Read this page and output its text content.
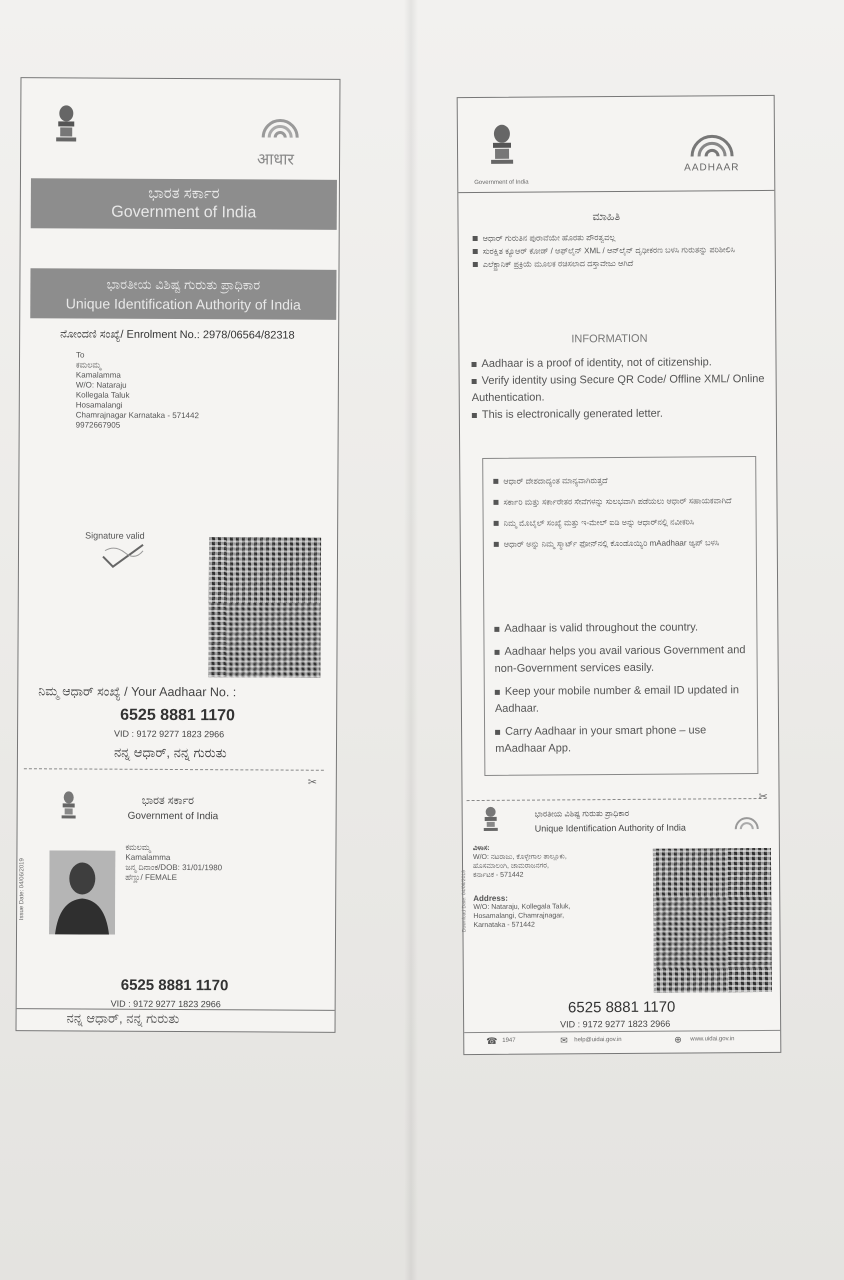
आधार
ಭಾರತ ಸರ್ಕಾರ
Government of India
ಭಾರತೀಯ ವಿಶಿಷ್ಟ ಗುರುತು ಪ್ರಾಧಿಕಾರ
Unique Identification Authority of India
ನೋಂದಣಿ ಸಂಖ್ಯೆ/ Enrolment No.: 2978/06564/82318
To
ಕಮಲಮ್ಮ
Kamalamma
W/O: Nataraju
Kollegala Taluk
Hosamalangi
Chamrajnagar Karnataka - 571442
9972667905
Signature valid
ನಿಮ್ಮ ಆಧಾರ್ ಸಂಖ್ಯೆ / Your Aadhaar No. :
6525 8881 1170
VID : 9172 9277 1823 2966
ನನ್ನ ಆಧಾರ್, ನನ್ನ ಗುರುತು
✂
ಭಾರತ ಸರ್ಕಾರ
Government of India
Issue Date: 04/06/2019
ಕಮಲಮ್ಮ
Kamalamma
ಜನ್ಮ ದಿನಾಂಕ/DOB: 31/01/1980
ಹೆಣ್ಣು/ FEMALE
6525 8881 1170
VID : 9172 9277 1823 2966
ನನ್ನ ಆಧಾರ್, ನನ್ನ ಗುರುತು
Government of India
AADHAAR
ಮಾಹಿತಿ
ಆಧಾರ್ ಗುರುತಿನ ಪುರಾವೆಯೇ ಹೊರತು ಪೌರತ್ವವಲ್ಲ
ಸುರಕ್ಷಿತ ಕ್ಯೂಆರ್ ಕೋಡ್ / ಆಫ್‌ಲೈನ್ XML / ಆನ್‌ಲೈನ್ ದೃಢೀಕರಣ ಬಳಸಿ ಗುರುತನ್ನು ಪರಿಶೀಲಿಸಿ
ಎಲೆಕ್ಟ್ರಾನಿಕ್ ಪ್ರಕ್ರಿಯೆ ಮೂಲಕ ರಚಿಸಲಾದ ದಸ್ತಾವೇಜು ಆಗಿದೆ
INFORMATION
Aadhaar is a proof of identity, not of citizenship.
Verify identity using Secure QR Code/ Offline XML/ Online Authentication.
This is electronically generated letter.
ಆಧಾರ್ ದೇಶದಾದ್ಯಂತ ಮಾನ್ಯವಾಗಿರುತ್ತದೆ
ಸರ್ಕಾರಿ ಮತ್ತು ಸರ್ಕಾರೇತರ ಸೇವೆಗಳನ್ನು ಸುಲಭವಾಗಿ ಪಡೆಯಲು ಆಧಾರ್ ಸಹಾಯಕವಾಗಿದೆ
ನಿಮ್ಮ ಮೊಬೈಲ್ ಸಂಖ್ಯೆ ಮತ್ತು ಇ-ಮೇಲ್ ಐಡಿ ಅನ್ನು ಆಧಾರ್‌ನಲ್ಲಿ ನವೀಕರಿಸಿ
ಆಧಾರ್ ಅನ್ನು ನಿಮ್ಮ ಸ್ಮಾರ್ಟ್ ಫೋನ್‌ನಲ್ಲಿ ಕೊಂಡೊಯ್ಯಿರಿ mAadhaar ಆ್ಯಪ್ ಬಳಸಿ
Aadhaar is valid throughout the country.
Aadhaar helps you avail various Government and non-Government services easily.
Keep your mobile number & email ID updated in Aadhaar.
Carry Aadhaar in your smart phone – use mAadhaar App.
✂
ಭಾರತೀಯ ವಿಶಿಷ್ಟ ಗುರುತು ಪ್ರಾಧಿಕಾರ
Unique Identification Authority of India
Download Date: 04/06/2019
ವಿಳಾಸ:
W/O: ನಟರಾಜು, ಕೊಳ್ಳೇಗಾಲ ತಾಲ್ಲೂಕು,
ಹೊಸಮಾಲಂಗಿ, ಚಾಮರಾಜನಗರ,
ಕರ್ನಾಟಕ - 571442
Address:
W/O: Nataraju, Kollegala Taluk,
Hosamalangi, Chamrajnagar,
Karnataka - 571442
6525 8881 1170
VID : 9172 9277 1823 2966
☎ 1947	✉ help@uidai.gov.in	⊕ www.uidai.gov.in
